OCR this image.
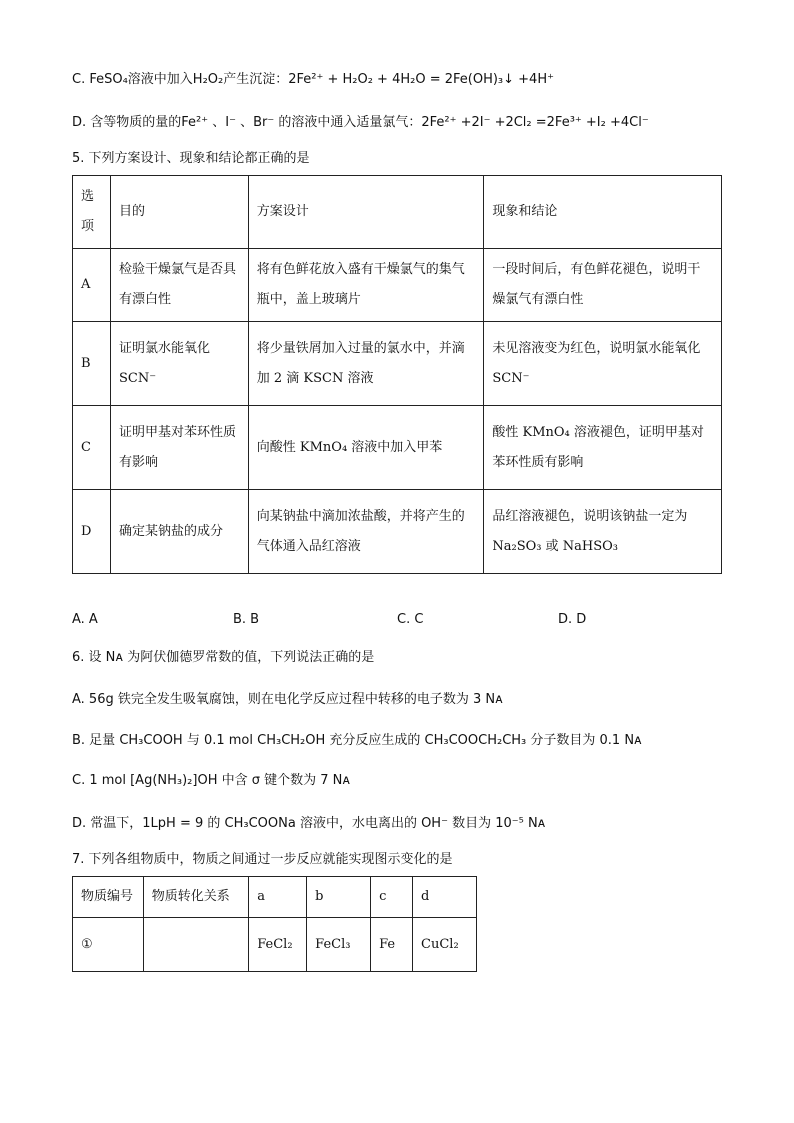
C. FeSO₄溶液中加入H₂O₂产生沉淀：2Fe²⁺ + H₂O₂ + 4H₂O = 2Fe(OH)₃↓ +4H⁺
D. 含等物质的量的Fe²⁺ 、I⁻ 、Br⁻ 的溶液中通入适量氯气：2Fe²⁺ +2I⁻ +2Cl₂ =2Fe³⁺ +I₂ +4Cl⁻
5. 下列方案设计、现象和结论都正确的是
选项	目的	方案设计	现象和结论
A	检验干燥氯气是否具有漂白性	将有色鲜花放入盛有干燥氯气的集气瓶中，盖上玻璃片	一段时间后，有色鲜花褪色，说明干燥氯气有漂白性
B	证明氯水能氧化 SCN⁻	将少量铁屑加入过量的氯水中，并滴加 2 滴 KSCN 溶液	未见溶液变为红色，说明氯水能氧化 SCN⁻
C	证明甲基对苯环性质有影响	向酸性 KMnO₄ 溶液中加入甲苯	酸性 KMnO₄ 溶液褪色，证明甲基对苯环性质有影响
D	确定某钠盐的成分	向某钠盐中滴加浓盐酸，并将产生的气体通入品红溶液	品红溶液褪色，说明该钠盐一定为 Na₂SO₃ 或 NaHSO₃
A. A	B. B	C. C	D. D
6. 设 Nᴀ 为阿伏伽德罗常数的值，下列说法正确的是
A. 56g 铁完全发生吸氧腐蚀，则在电化学反应过程中转移的电子数为 3 Nᴀ
B. 足量 CH₃COOH 与 0.1 mol CH₃CH₂OH 充分反应生成的 CH₃COOCH₂CH₃ 分子数目为 0.1 Nᴀ
C. 1 mol [Ag(NH₃)₂]OH 中含 σ 键个数为 7 Nᴀ
D. 常温下，1LpH = 9 的 CH₃COONa 溶液中，水电离出的 OH⁻ 数目为 10⁻⁵ Nᴀ
7. 下列各组物质中，物质之间通过一步反应就能实现图示变化的是
物质编号	物质转化关系	a	b	c	d
①		FeCl₂	FeCl₃	Fe	CuCl₂
